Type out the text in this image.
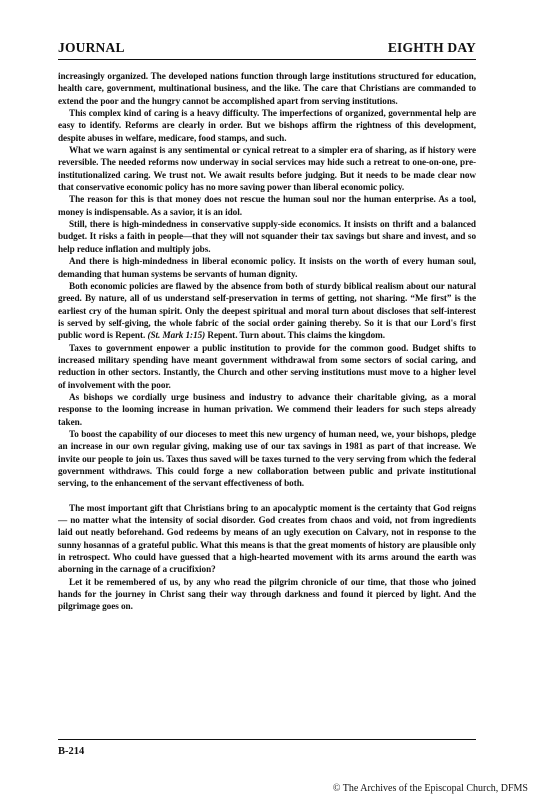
JOURNAL	EIGHTH DAY

increasingly organized. The developed nations function through large institutions structured for education, health care, government, multinational business, and the like. The care that Christians are commanded to extend the poor and the hungry cannot be accomplished apart from serving institutions.

This complex kind of caring is a heavy difficulty. The imperfections of organized, governmental help are easy to identify. Reforms are clearly in order. But we bishops affirm the rightness of this development, despite abuses in welfare, medicare, food stamps, and such.

What we warn against is any sentimental or cynical retreat to a simpler era of sharing, as if history were reversible. The needed reforms now underway in social services may hide such a retreat to one-on-one, pre-institutionalized caring. We trust not. We await results before judging. But it needs to be made clear now that conservative economic policy has no more saving power than liberal economic policy.

The reason for this is that money does not rescue the human soul nor the human enterprise. As a tool, money is indispensable. As a savior, it is an idol.

Still, there is high-mindedness in conservative supply-side economics. It insists on thrift and a balanced budget. It risks a faith in people—that they will not squander their tax savings but share and invest, and so help reduce inflation and multiply jobs.

And there is high-mindedness in liberal economic policy. It insists on the worth of every human soul, demanding that human systems be servants of human dignity.

Both economic policies are flawed by the absence from both of sturdy biblical realism about our natural greed. By nature, all of us understand self-preservation in terms of getting, not sharing. “Me first” is the earliest cry of the human spirit. Only the deepest spiritual and moral turn about discloses that self-interest is served by self-giving, the whole fabric of the social order gaining thereby. So it is that our Lord's first public word is Repent. (St. Mark 1:15) Repent. Turn about. This claims the kingdom.

Taxes to government enpower a public institution to provide for the common good. Budget shifts to increased military spending have meant government withdrawal from some sectors of social caring, and reduction in other sectors. Instantly, the Church and other serving institutions must move to a higher level of involvement with the poor.

As bishops we cordially urge business and industry to advance their charitable giving, as a moral response to the looming increase in human privation. We commend their leaders for such steps already taken.

To boost the capability of our dioceses to meet this new urgency of human need, we, your bishops, pledge an increase in our own regular giving, making use of our tax savings in 1981 as part of that increase. We invite our people to join us. Taxes thus saved will be taxes turned to the very serving from which the federal government withdraws. This could forge a new collaboration between public and private institutional serving, to the enhancement of the servant effectiveness of both.

The most important gift that Christians bring to an apocalyptic moment is the certainty that God reigns — no matter what the intensity of social disorder. God creates from chaos and void, not from ingredients laid out neatly beforehand. God redeems by means of an ugly execution on Calvary, not in response to the sunny hosannas of a grateful public. What this means is that the great moments of history are plausible only in retrospect. Who could have guessed that a high-hearted movement with its arms around the earth was aborning in the carnage of a crucifixion?

Let it be remembered of us, by any who read the pilgrim chronicle of our time, that those who joined hands for the journey in Christ sang their way through darkness and found it pierced by light. And the pilgrimage goes on.

B-214
© The Archives of the Episcopal Church, DFMS
